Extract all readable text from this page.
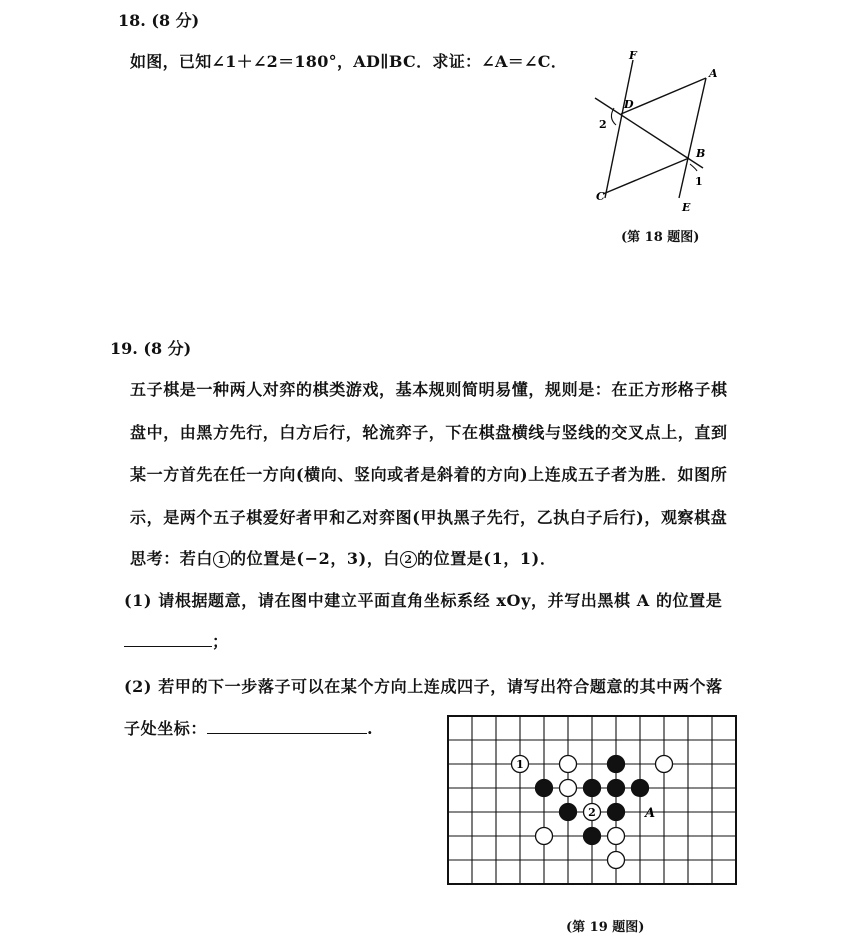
18. (8 分)
如图，已知∠1＋∠2＝180°，AD∥BC．求证：∠A＝∠C．	F
A
D
2
B
1
C
E
(第 18 题图)
19. (8 分)
五子棋是一种两人对弈的棋类游戏，基本规则简明易懂，规则是：在正方形格子棋
盘中，由黑方先行，白方后行，轮流弈子，下在棋盘横线与竖线的交叉点上，直到
某一方首先在任一方向(横向、竖向或者是斜着的方向)上连成五子者为胜．如图所
示，是两个五子棋爱好者甲和乙对弈图(甲执黑子先行，乙执白子后行)，观察棋盘
思考：若白 1 的位置是(−2，3)，白 2 的位置是(1，1)．
(1) 请根据题意，请在图中建立平面直角坐标系经 xOy，并写出黑棋 A 的位置是
；
(2) 若甲的下一步落子可以在某个方向上连成四子，请写出符合题意的其中两个落
子处坐标：	.
1
2	A
(第 19 题图)
